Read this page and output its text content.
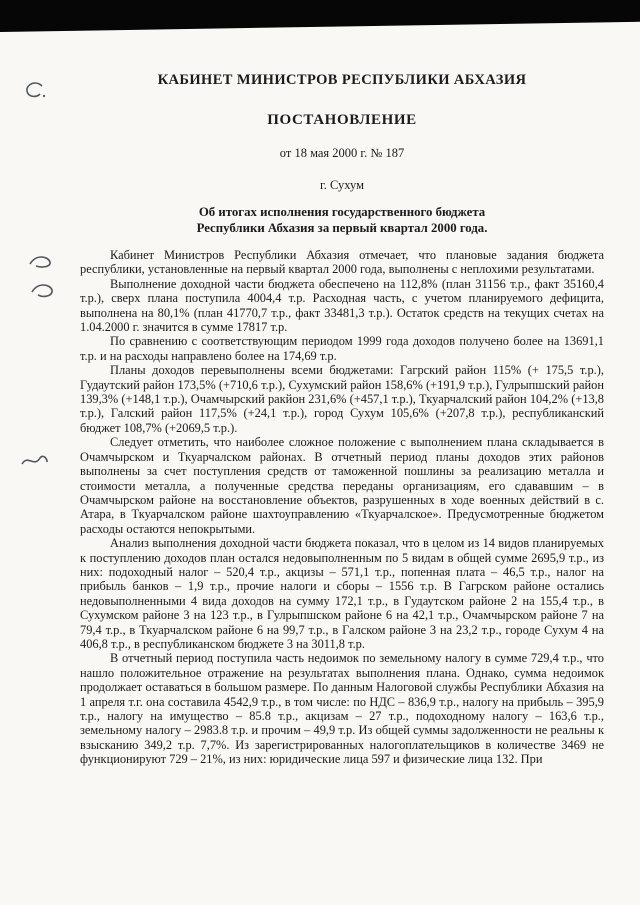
КАБИНЕТ МИНИСТРОВ РЕСПУБЛИКИ АБХАЗИЯ
ПОСТАНОВЛЕНИЕ
от 18 мая 2000 г. № 187
г. Сухум
Об итогах исполнения государственного бюджета
Республики Абхазия за первый квартал 2000 года.

Кабинет Министров Республики Абхазия отмечает, что плановые задания бюджета республики, установленные на первый квартал 2000 года, выполнены с неплохими результатами.

Выполнение доходной части бюджета обеспечено на 112,8% (план 31156 т.р., факт 35160,4 т.р.), сверх плана поступила 4004,4 т.р. Расходная часть, с учетом планируемого дефицита, выполнена на 80,1% (план 41770,7 т.р., факт 33481,3 т.р.). Остаток средств на текущих счетах на 1.04.2000 г. значится в сумме 17817 т.р.

По сравнению с соответствующим периодом 1999 года доходов получено более на 13691,1 т.р. и на расходы направлено более на 174,69 т.р.

Планы доходов перевыполнены всеми бюджетами: Гагрский район 115% (+ 175,5 т.р.), Гудаутский район 173,5% (+710,6 т.р.), Сухумский район 158,6% (+191,9 т.р.), Гулрыпшский район 139,3% (+148,1 т.р.), Очамчырский ракйон 231,6% (+457,1 т.р.), Ткуарчалский район 104,2% (+13,8 т.р.), Галский район 117,5% (+24,1 т.р.), город Сухум 105,6% (+207,8 т.р.), республиканский бюджет 108,7% (+2069,5 т.р.).

Следует отметить, что наиболее сложное положение с выполнением плана складывается в Очамчырском и Ткуарчалском районах. В отчетный период планы доходов этих районов выполнены за счет поступления средств от таможенной пошлины за реализацию металла и стоимости металла, а полученные средства переданы организациям, его сдававшим – в Очамчырском районе на восстановление объектов, разрушенных в ходе военных действий в с. Атара, в Ткуарчалском районе шахтоуправлению «Ткуарчалское». Предусмотренные бюджетом расходы остаются непокрытыми.

Анализ выполнения доходной части бюджета показал, что в целом из 14 видов планируемых к поступлению доходов план остался недовыполненным по 5 видам в общей сумме 2695,9 т.р., из них: подоходный налог – 520,4 т.р., акцизы – 571,1 т.р., попенная плата – 46,5 т.р., налог на прибыль банков – 1,9 т.р., прочие налоги и сборы – 1556 т.р. В Гагрском районе остались недовыполненными 4 вида доходов на сумму 172,1 т.р., в Гудаутском районе 2 на 155,4 т.р., в Сухумском районе 3 на 123 т.р., в Гулрыпшском районе 6 на 42,1 т.р., Очамчырском районе 7 на 79,4 т.р., в Ткуарчалском районе 6 на 99,7 т.р., в Галском районе 3 на 23,2 т.р., городе Сухум 4 на 406,8 т.р., в республиканском бюджете 3 на 3011,8 т.р.

В отчетный период поступила часть недоимок по земельному налогу в сумме 729,4 т.р., что нашло положительное отражение на результатах выполнения плана. Однако, сумма недоимок продолжает оставаться в большом размере. По данным Налоговой службы Республики Абхазия на 1 апреля т.г. она составила 4542,9 т.р., в том числе: по НДС – 836,9 т.р., налогу на прибыль – 395,9 т.р., налогу на имущество – 85.8 т.р., акцизам – 27 т.р., подоходному налогу – 163,6 т.р., земельному налогу – 2983.8 т.р. и прочим – 49,9 т.р. Из общей суммы задолженности не реальны к взысканию 349,2 т.р. 7,7%. Из зарегистрированных налогоплательщиков в количестве 3469 не функционируют 729 – 21%, из них: юридические лица 597 и физические лица 132. При
